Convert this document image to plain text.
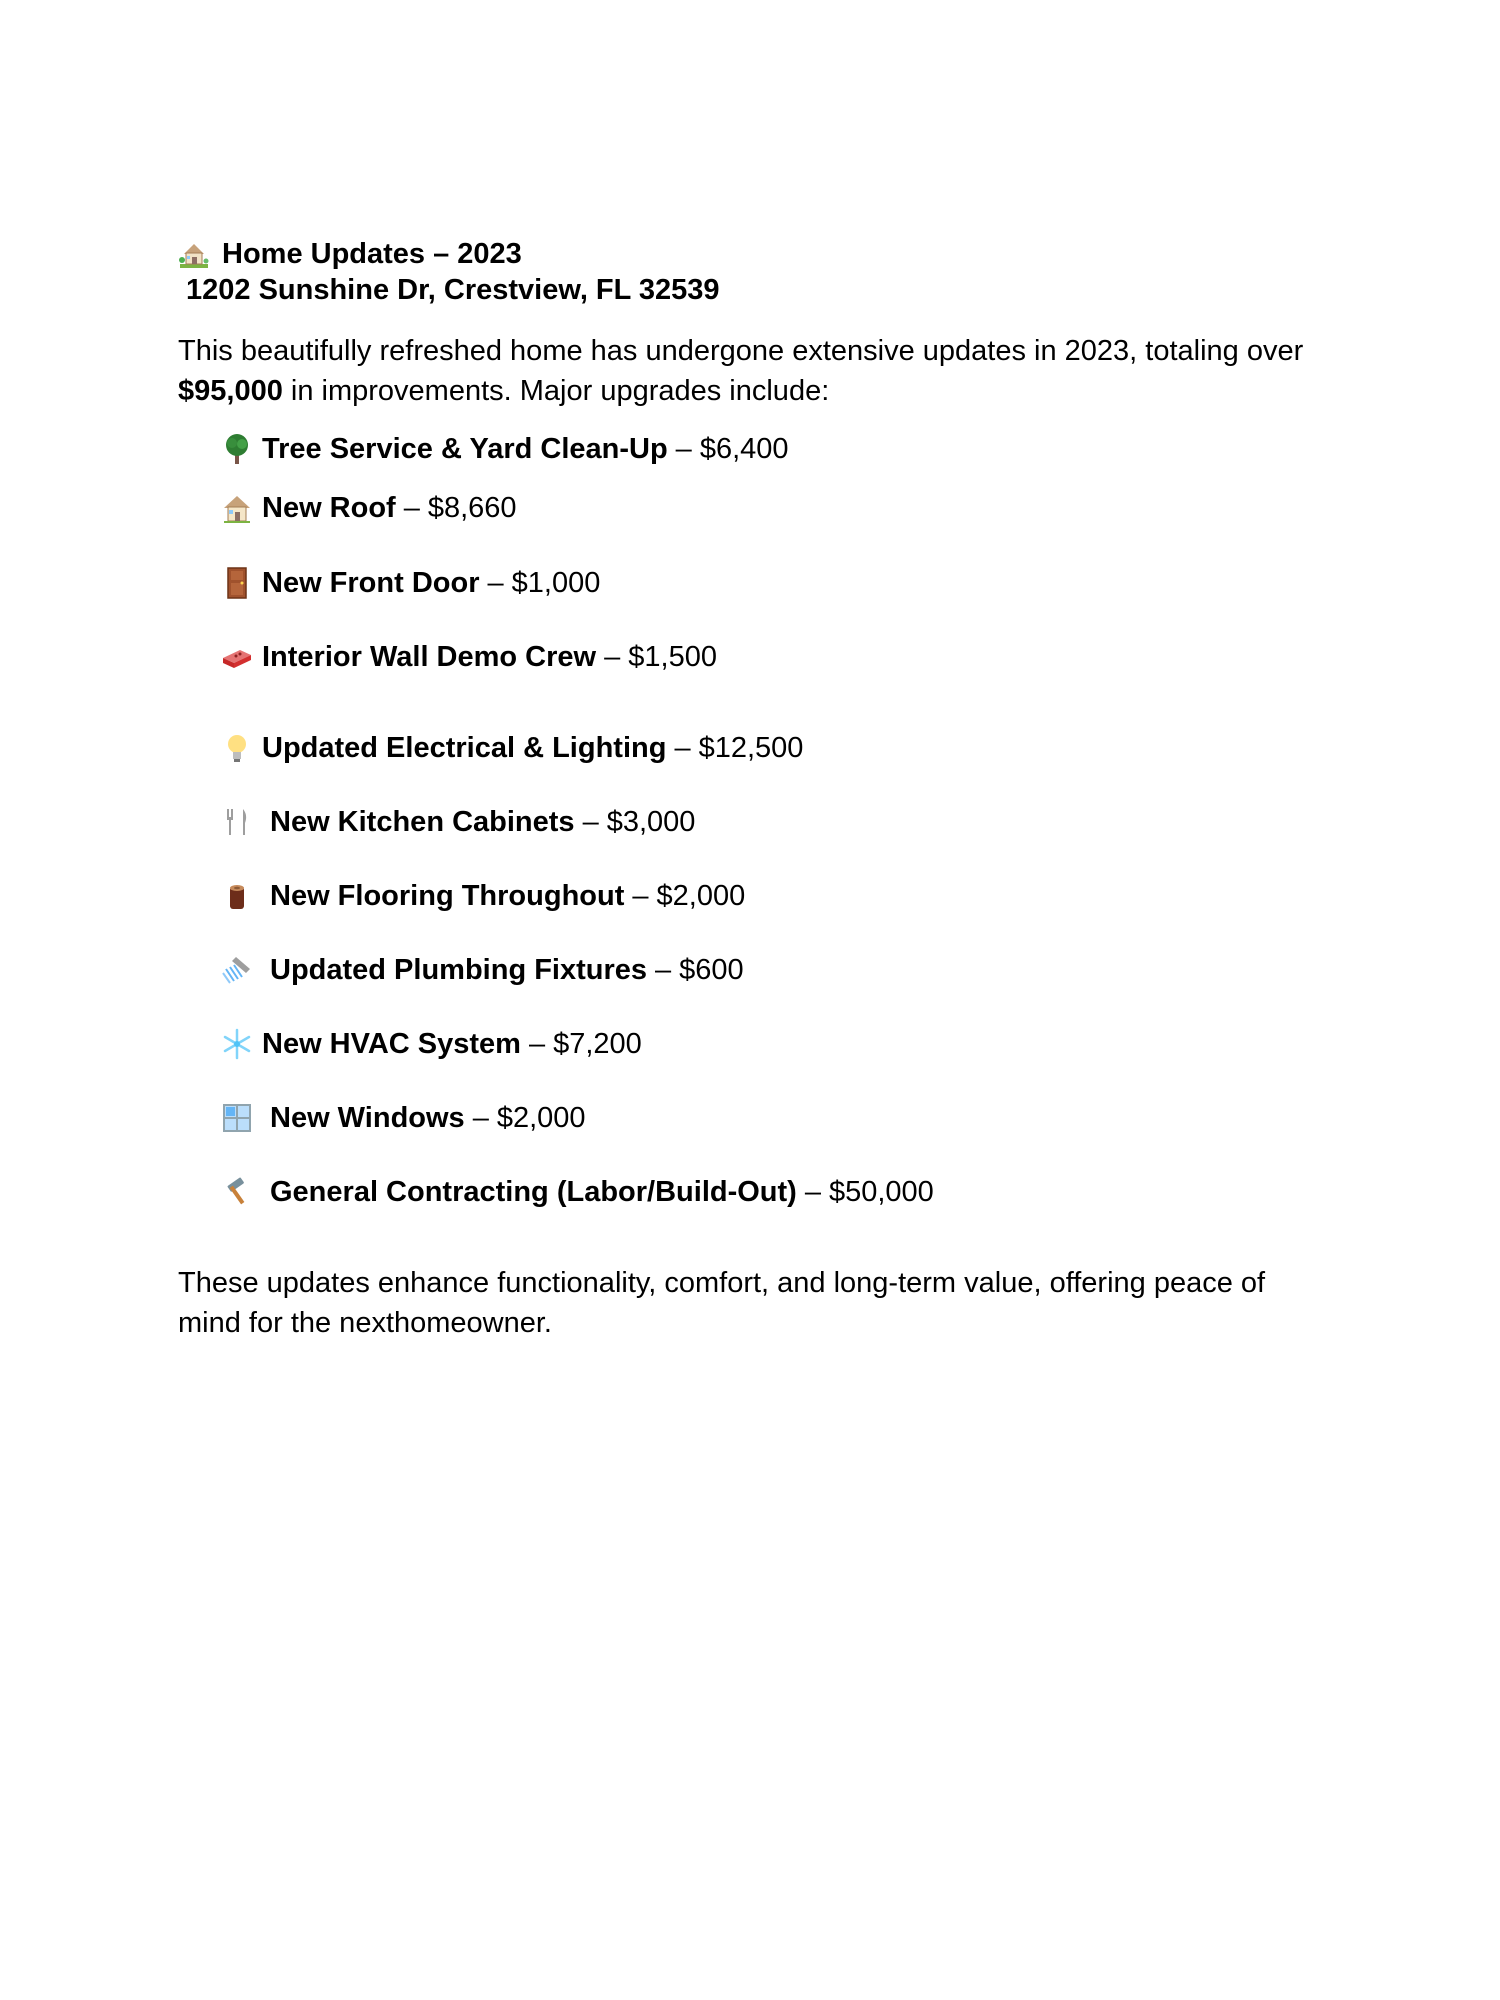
Home Updates – 2023
1202 Sunshine Dr, Crestview, FL 32539
This beautifully refreshed home has undergone extensive updates in 2023, totaling over $95,000 in improvements. Major upgrades include:
Tree Service & Yard Clean-Up – $6,400
New Roof – $8,660
New Front Door – $1,000
Interior Wall Demo Crew – $1,500
Updated Electrical & Lighting – $12,500
New Kitchen Cabinets – $3,000
New Flooring Throughout – $2,000
Updated Plumbing Fixtures – $600
New HVAC System – $7,200
New Windows – $2,000
General Contracting (Labor/Build-Out) – $50,000
These updates enhance functionality, comfort, and long-term value, offering peace of mind for the nexthomeowner.
